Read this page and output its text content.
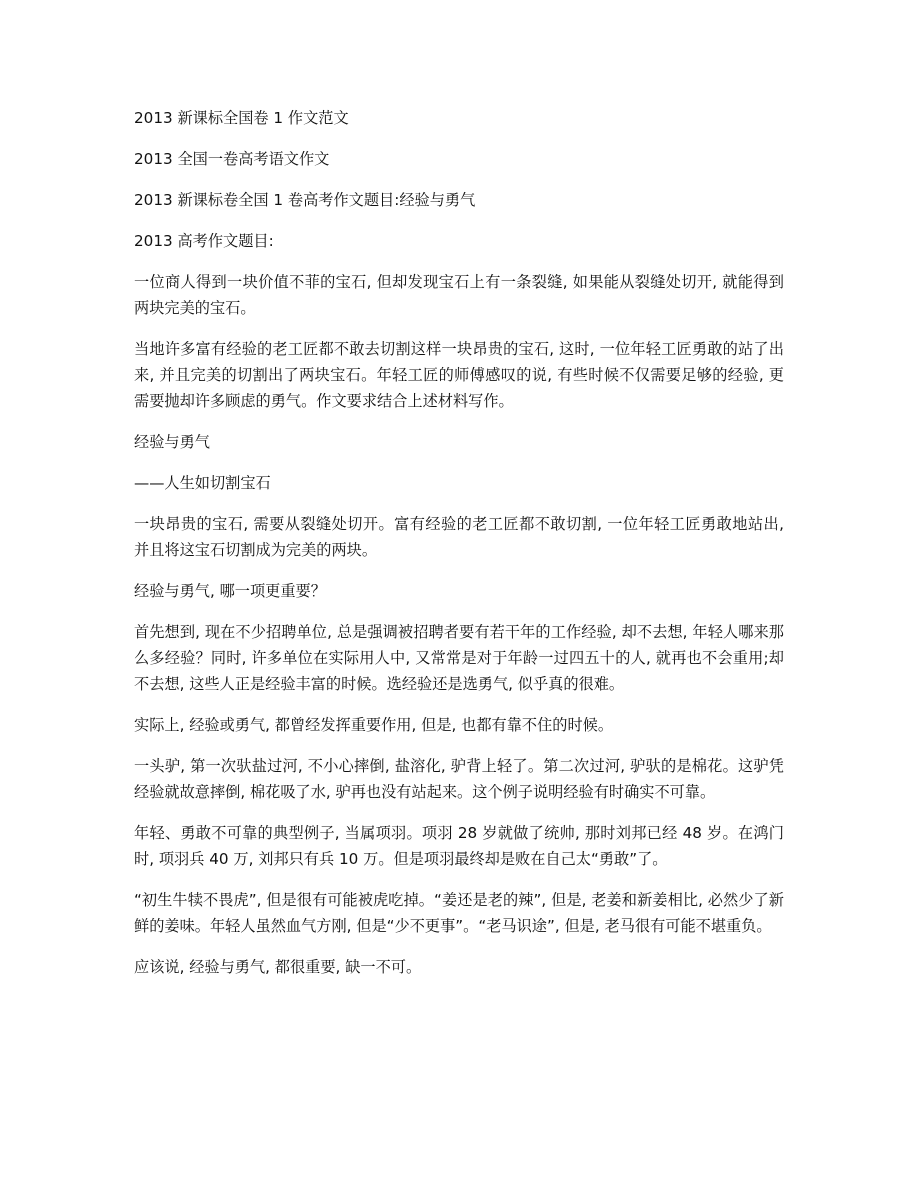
2013 新课标全国卷 1 作文范文

2013 全国一卷高考语文作文

2013 新课标卷全国 1 卷高考作文题目:经验与勇气

2013 高考作文题目:

一位商人得到一块价值不菲的宝石, 但却发现宝石上有一条裂缝, 如果能从裂缝处切开, 就能得到两块完美的宝石。

当地许多富有经验的老工匠都不敢去切割这样一块昂贵的宝石, 这时, 一位年轻工匠勇敢的站了出来, 并且完美的切割出了两块宝石。年轻工匠的师傅感叹的说, 有些时候不仅需要足够的经验, 更需要抛却许多顾虑的勇气。作文要求结合上述材料写作。

经验与勇气

——人生如切割宝石

一块昂贵的宝石, 需要从裂缝处切开。富有经验的老工匠都不敢切割, 一位年轻工匠勇敢地站出, 并且将这宝石切割成为完美的两块。

经验与勇气, 哪一项更重要？

首先想到, 现在不少招聘单位, 总是强调被招聘者要有若干年的工作经验, 却不去想, 年轻人哪来那么多经验？同时, 许多单位在实际用人中, 又常常是对于年龄一过四五十的人, 就再也不会重用;却不去想, 这些人正是经验丰富的时候。选经验还是选勇气, 似乎真的很难。

实际上, 经验或勇气, 都曾经发挥重要作用, 但是, 也都有靠不住的时候。

一头驴, 第一次驮盐过河, 不小心摔倒, 盐溶化, 驴背上轻了。第二次过河, 驴驮的是棉花。这驴凭经验就故意摔倒, 棉花吸了水, 驴再也没有站起来。这个例子说明经验有时确实不可靠。

年轻、勇敢不可靠的典型例子, 当属项羽。项羽 28 岁就做了统帅, 那时刘邦已经 48 岁。在鸿门时, 项羽兵 40 万, 刘邦只有兵 10 万。但是项羽最终却是败在自己太“勇敢”了。

“初生牛犊不畏虎”, 但是很有可能被虎吃掉。“姜还是老的辣”, 但是, 老姜和新姜相比, 必然少了新鲜的姜味。年轻人虽然血气方刚, 但是“少不更事”。“老马识途”, 但是, 老马很有可能不堪重负。

应该说, 经验与勇气, 都很重要, 缺一不可。
